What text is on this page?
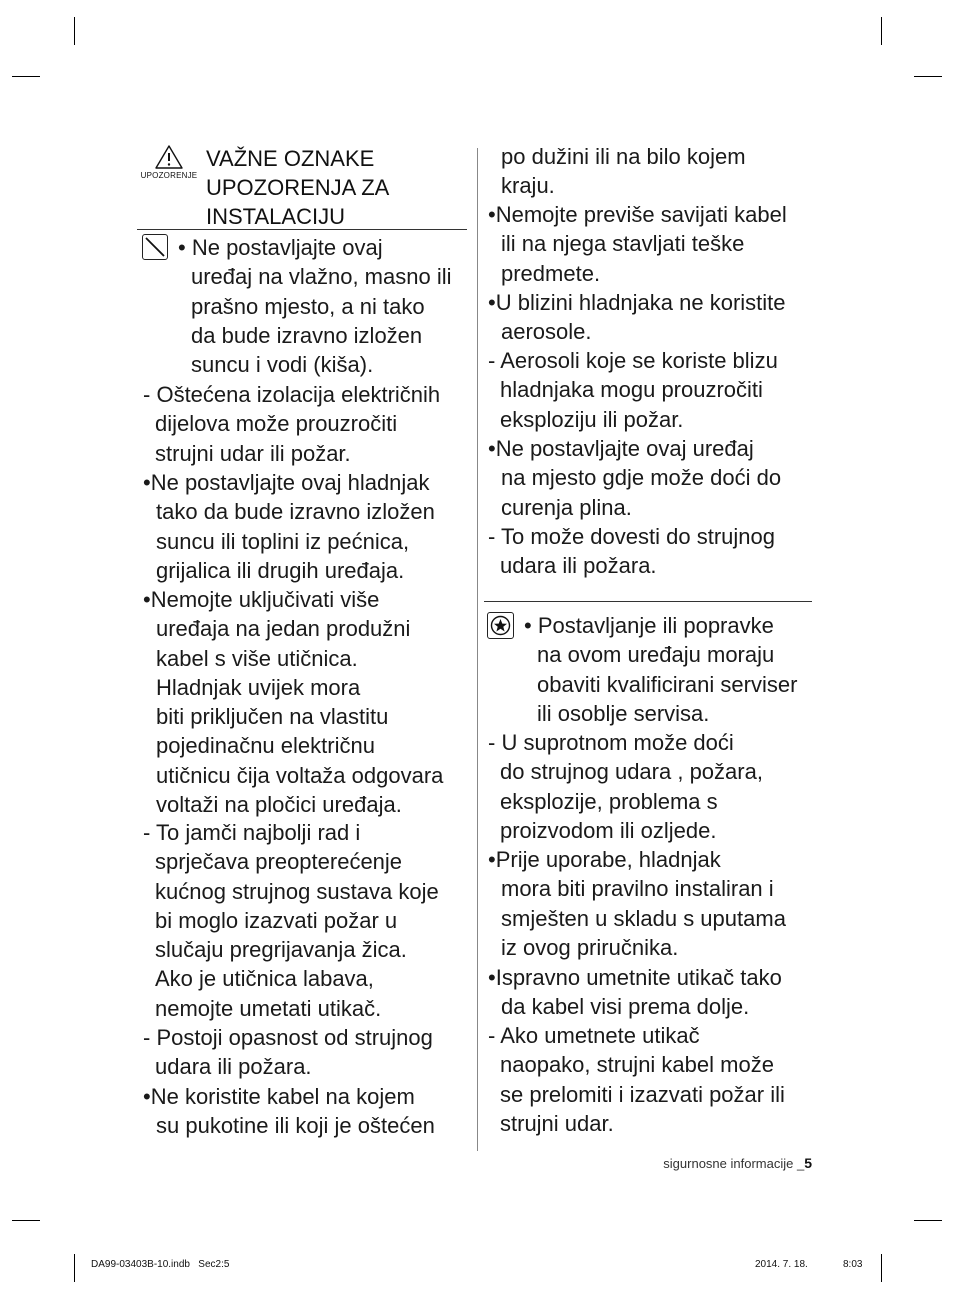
UPOZORENJE
VAŽNE OZNAKE
UPOZORENJA ZA
INSTALACIJU
• Ne postavljajte ovaj
uređaj na vlažno, masno ili
prašno mjesto, a ni tako
da bude izravno izložen
suncu i vodi (kiša).
- Oštećena izolacija električnih
dijelova može prouzročiti
strujni udar ili požar.
•Ne postavljajte ovaj hladnjak
tako da bude izravno izložen
suncu ili toplini iz pećnica,
grijalica ili drugih uređaja.
•Nemojte uključivati više
uređaja na jedan produžni
kabel s više utičnica.
Hladnjak uvijek mora
biti priključen na vlastitu
pojedinačnu električnu
utičnicu čija voltaža odgovara
voltaži na pločici uređaja.
- To jamči najbolji rad i
sprječava preopterećenje
kućnog strujnog sustava koje
bi moglo izazvati požar u
slučaju pregrijavanja žica.
Ako je utičnica labava,
nemojte umetati utikač.
- Postoji opasnost od strujnog
udara ili požara.
•Ne koristite kabel na kojem
su pukotine ili koji je oštećen
po dužini ili na bilo kojem
kraju.
•Nemojte previše savijati kabel
ili na njega stavljati teške
predmete.
•U blizini hladnjaka ne koristite
aerosole.
- Aerosoli koje se koriste blizu
hladnjaka mogu prouzročiti
eksploziju ili požar.
•Ne postavljajte ovaj uređaj
na mjesto gdje može doći do
curenja plina.
- To može dovesti do strujnog
udara ili požara.
• Postavljanje ili popravke
na ovom uređaju moraju
obaviti kvalificirani serviser
ili osoblje servisa.
- U suprotnom može doći
do strujnog udara , požara,
eksplozije, problema s
proizvodom ili ozljede.
•Prije uporabe, hladnjak
mora biti pravilno instaliran i
smješten u skladu s uputama
iz ovog priručnika.
•Ispravno umetnite utikač tako
da kabel visi prema dolje.
- Ako umetnete utikač
naopako, strujni kabel može
se prelomiti i izazvati požar ili
strujni udar.
sigurnosne informacije _5
DA99-03403B-10.indb   Sec2:5	2014. 7. 18.	8:03
